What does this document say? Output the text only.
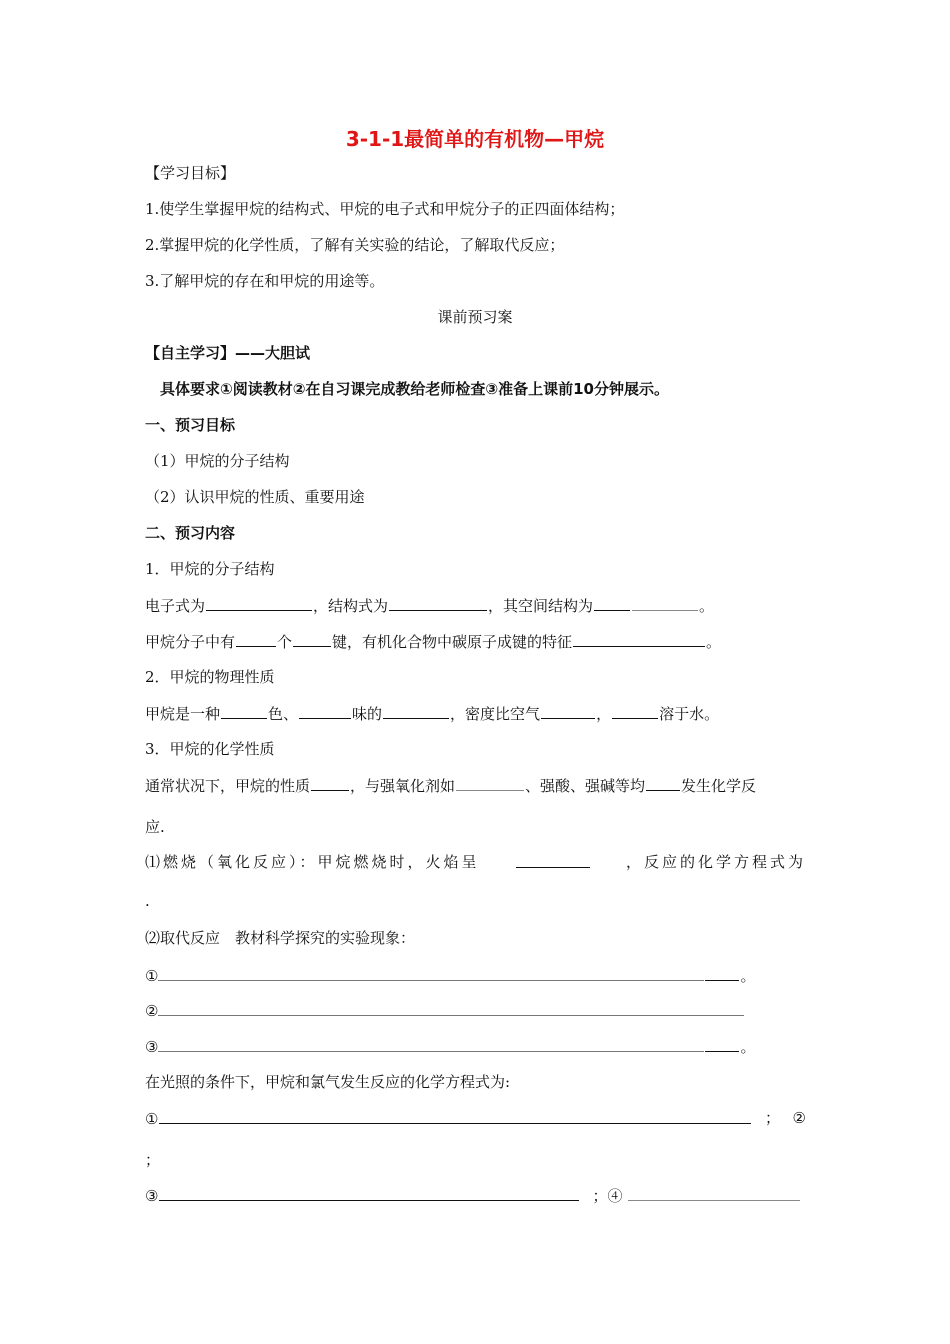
3-1-1最简单的有机物—甲烷
【学习目标】
1.使学生掌握甲烷的结构式、甲烷的电子式和甲烷分子的正四面体结构；
2.掌握甲烷的化学性质，了解有关实验的结论，了解取代反应；
3.了解甲烷的存在和甲烷的用途等。
课前预习案
【自主学习】——大胆试
具体要求①阅读教材②在自习课完成教给老师检查③准备上课前10分钟展示。
一、预习目标
（1）甲烷的分子结构
（2）认识甲烷的性质、重要用途
二、预习内容
1．甲烷的分子结构
电子式为	，结构式为	，其空间结构为	。
甲烷分子中有	个	键，有机化合物中碳原子成键的特征	。
2．甲烷的物理性质
甲烷是一种	色、	味的	，密度比空气	，	溶于水。
3．甲烷的化学性质
通常状况下，甲烷的性质	，与强氧化剂如	、强酸、强碱等均 发生化学反
应.
⑴燃烧（氧化反应）：甲烷燃烧时，火焰呈	，反应的化学方程式为
.
⑵取代反应　教材科学探究的实验现象：
①	。
②
③	。
在光照的条件下，甲烷和氯气发生反应的化学方程式为:
①	； ②
；
③	；④
